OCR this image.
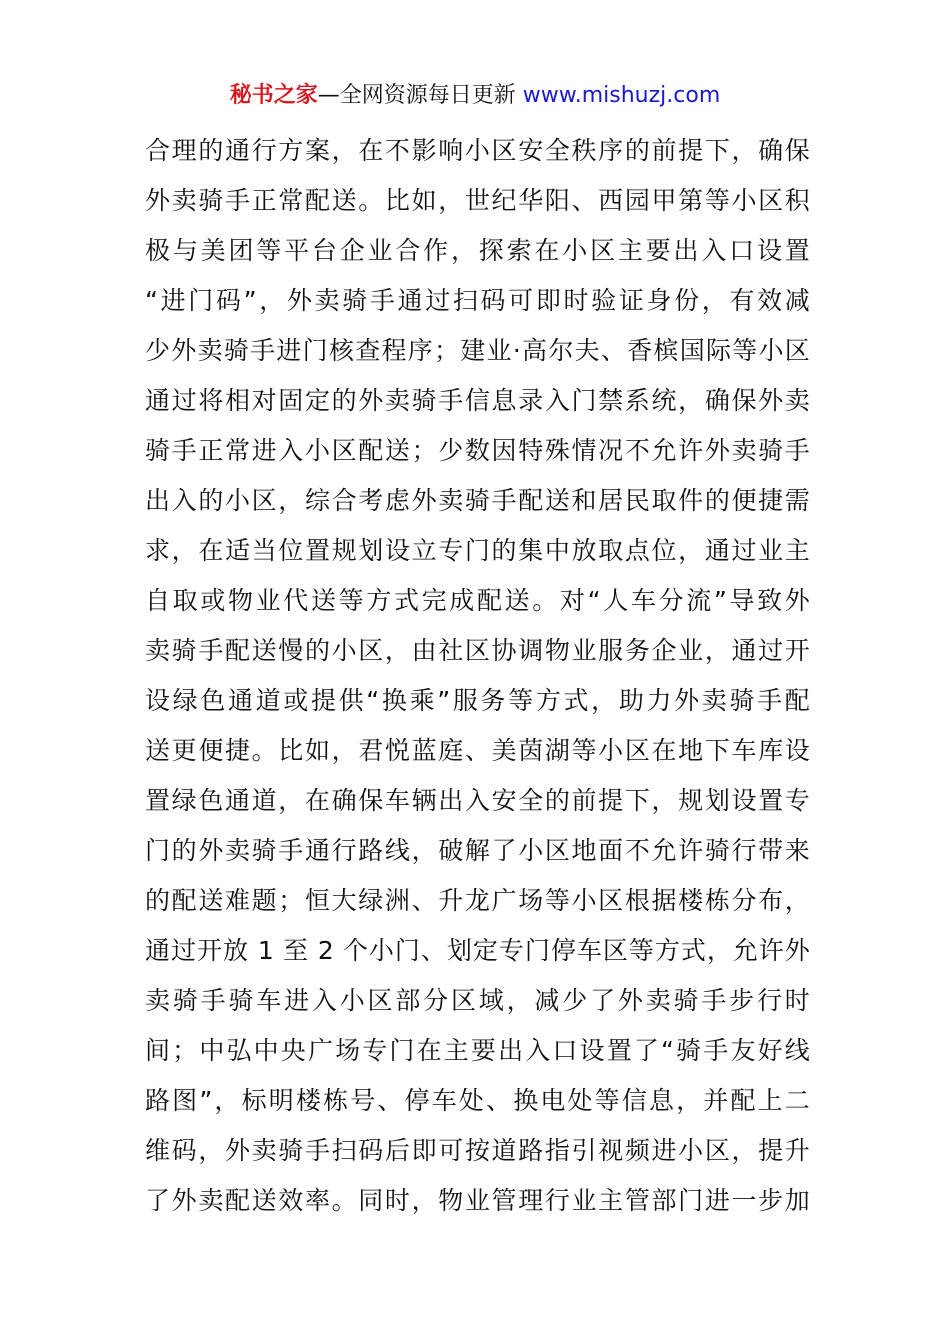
秘书之家—全网资源每日更新 www.mishuzj.com
合理的通行方案，在不影响小区安全秩序的前提下，确保
外卖骑手正常配送。比如，世纪华阳、西园甲第等小区积
极与美团等平台企业合作，探索在小区主要出入口设置
“进门码”，外卖骑手通过扫码可即时验证身份，有效减
少外卖骑手进门核查程序；建业·高尔夫、香槟国际等小区
通过将相对固定的外卖骑手信息录入门禁系统，确保外卖
骑手正常进入小区配送；少数因特殊情况不允许外卖骑手
出入的小区，综合考虑外卖骑手配送和居民取件的便捷需
求，在适当位置规划设立专门的集中放取点位，通过业主
自取或物业代送等方式完成配送。对“人车分流”导致外
卖骑手配送慢的小区，由社区协调物业服务企业，通过开
设绿色通道或提供“换乘”服务等方式，助力外卖骑手配
送更便捷。比如，君悦蓝庭、美茵湖等小区在地下车库设
置绿色通道，在确保车辆出入安全的前提下，规划设置专
门的外卖骑手通行路线，破解了小区地面不允许骑行带来
的配送难题；恒大绿洲、升龙广场等小区根据楼栋分布，
通过开放 1 至 2 个小门、划定专门停车区等方式，允许外
卖骑手骑车进入小区部分区域，减少了外卖骑手步行时
间；中弘中央广场专门在主要出入口设置了“骑手友好线
路图”，标明楼栋号、停车处、换电处等信息，并配上二
维码，外卖骑手扫码后即可按道路指引视频进小区，提升
了外卖配送效率。同时，物业管理行业主管部门进一步加
